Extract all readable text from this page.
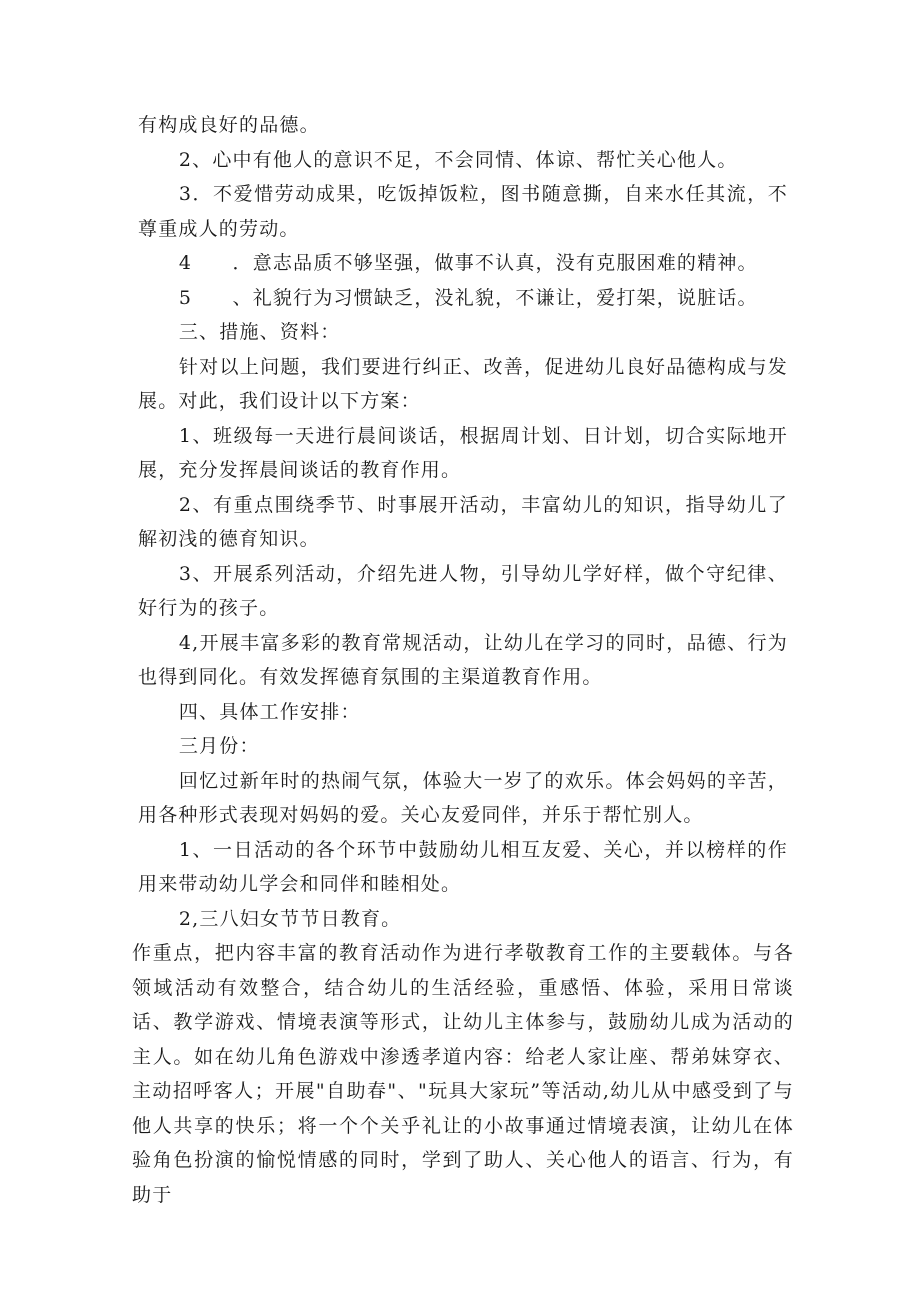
有构成良好的品德。

2、心中有他人的意识不足，不会同情、体谅、帮忙关心他人。

3．不爱惜劳动成果，吃饭掉饭粒，图书随意撕，自来水任其流，不尊重成人的劳动。

4　　．意志品质不够坚强，做事不认真，没有克服困难的精神。

5　　、礼貌行为习惯缺乏，没礼貌，不谦让，爱打架，说脏话。

三、措施、资料：

针对以上问题，我们要进行纠正、改善，促进幼儿良好品德构成与发展。对此，我们设计以下方案：

1、班级每一天进行晨间谈话，根据周计划、日计划，切合实际地开展，充分发挥晨间谈话的教育作用。

2、有重点围绕季节、时事展开活动，丰富幼儿的知识，指导幼儿了解初浅的德育知识。

3、开展系列活动，介绍先进人物，引导幼儿学好样，做个守纪律、好行为的孩子。

4,开展丰富多彩的教育常规活动，让幼儿在学习的同时，品德、行为也得到同化。有效发挥德育氛围的主渠道教育作用。

四、具体工作安排：

三月份：

回忆过新年时的热闹气氛，体验大一岁了的欢乐。体会妈妈的辛苦，用各种形式表现对妈妈的爱。关心友爱同伴，并乐于帮忙别人。

1、一日活动的各个环节中鼓励幼儿相互友爱、关心，并以榜样的作用来带动幼儿学会和同伴和睦相处。

2,三八妇女节节日教育。

作重点，把内容丰富的教育活动作为进行孝敬教育工作的主要载体。与各领域活动有效整合，结合幼儿的生活经验，重感悟、体验，采用日常谈话、教学游戏、情境表演等形式，让幼儿主体参与，鼓励幼儿成为活动的主人。如在幼儿角色游戏中渗透孝道内容：给老人家让座、帮弟妹穿衣、主动招呼客人；开展"自助春"、"玩具大家玩”等活动,幼儿从中感受到了与他人共享的快乐；将一个个关乎礼让的小故事通过情境表演，让幼儿在体验角色扮演的愉悦情感的同时，学到了助人、关心他人的语言、行为，有助于
